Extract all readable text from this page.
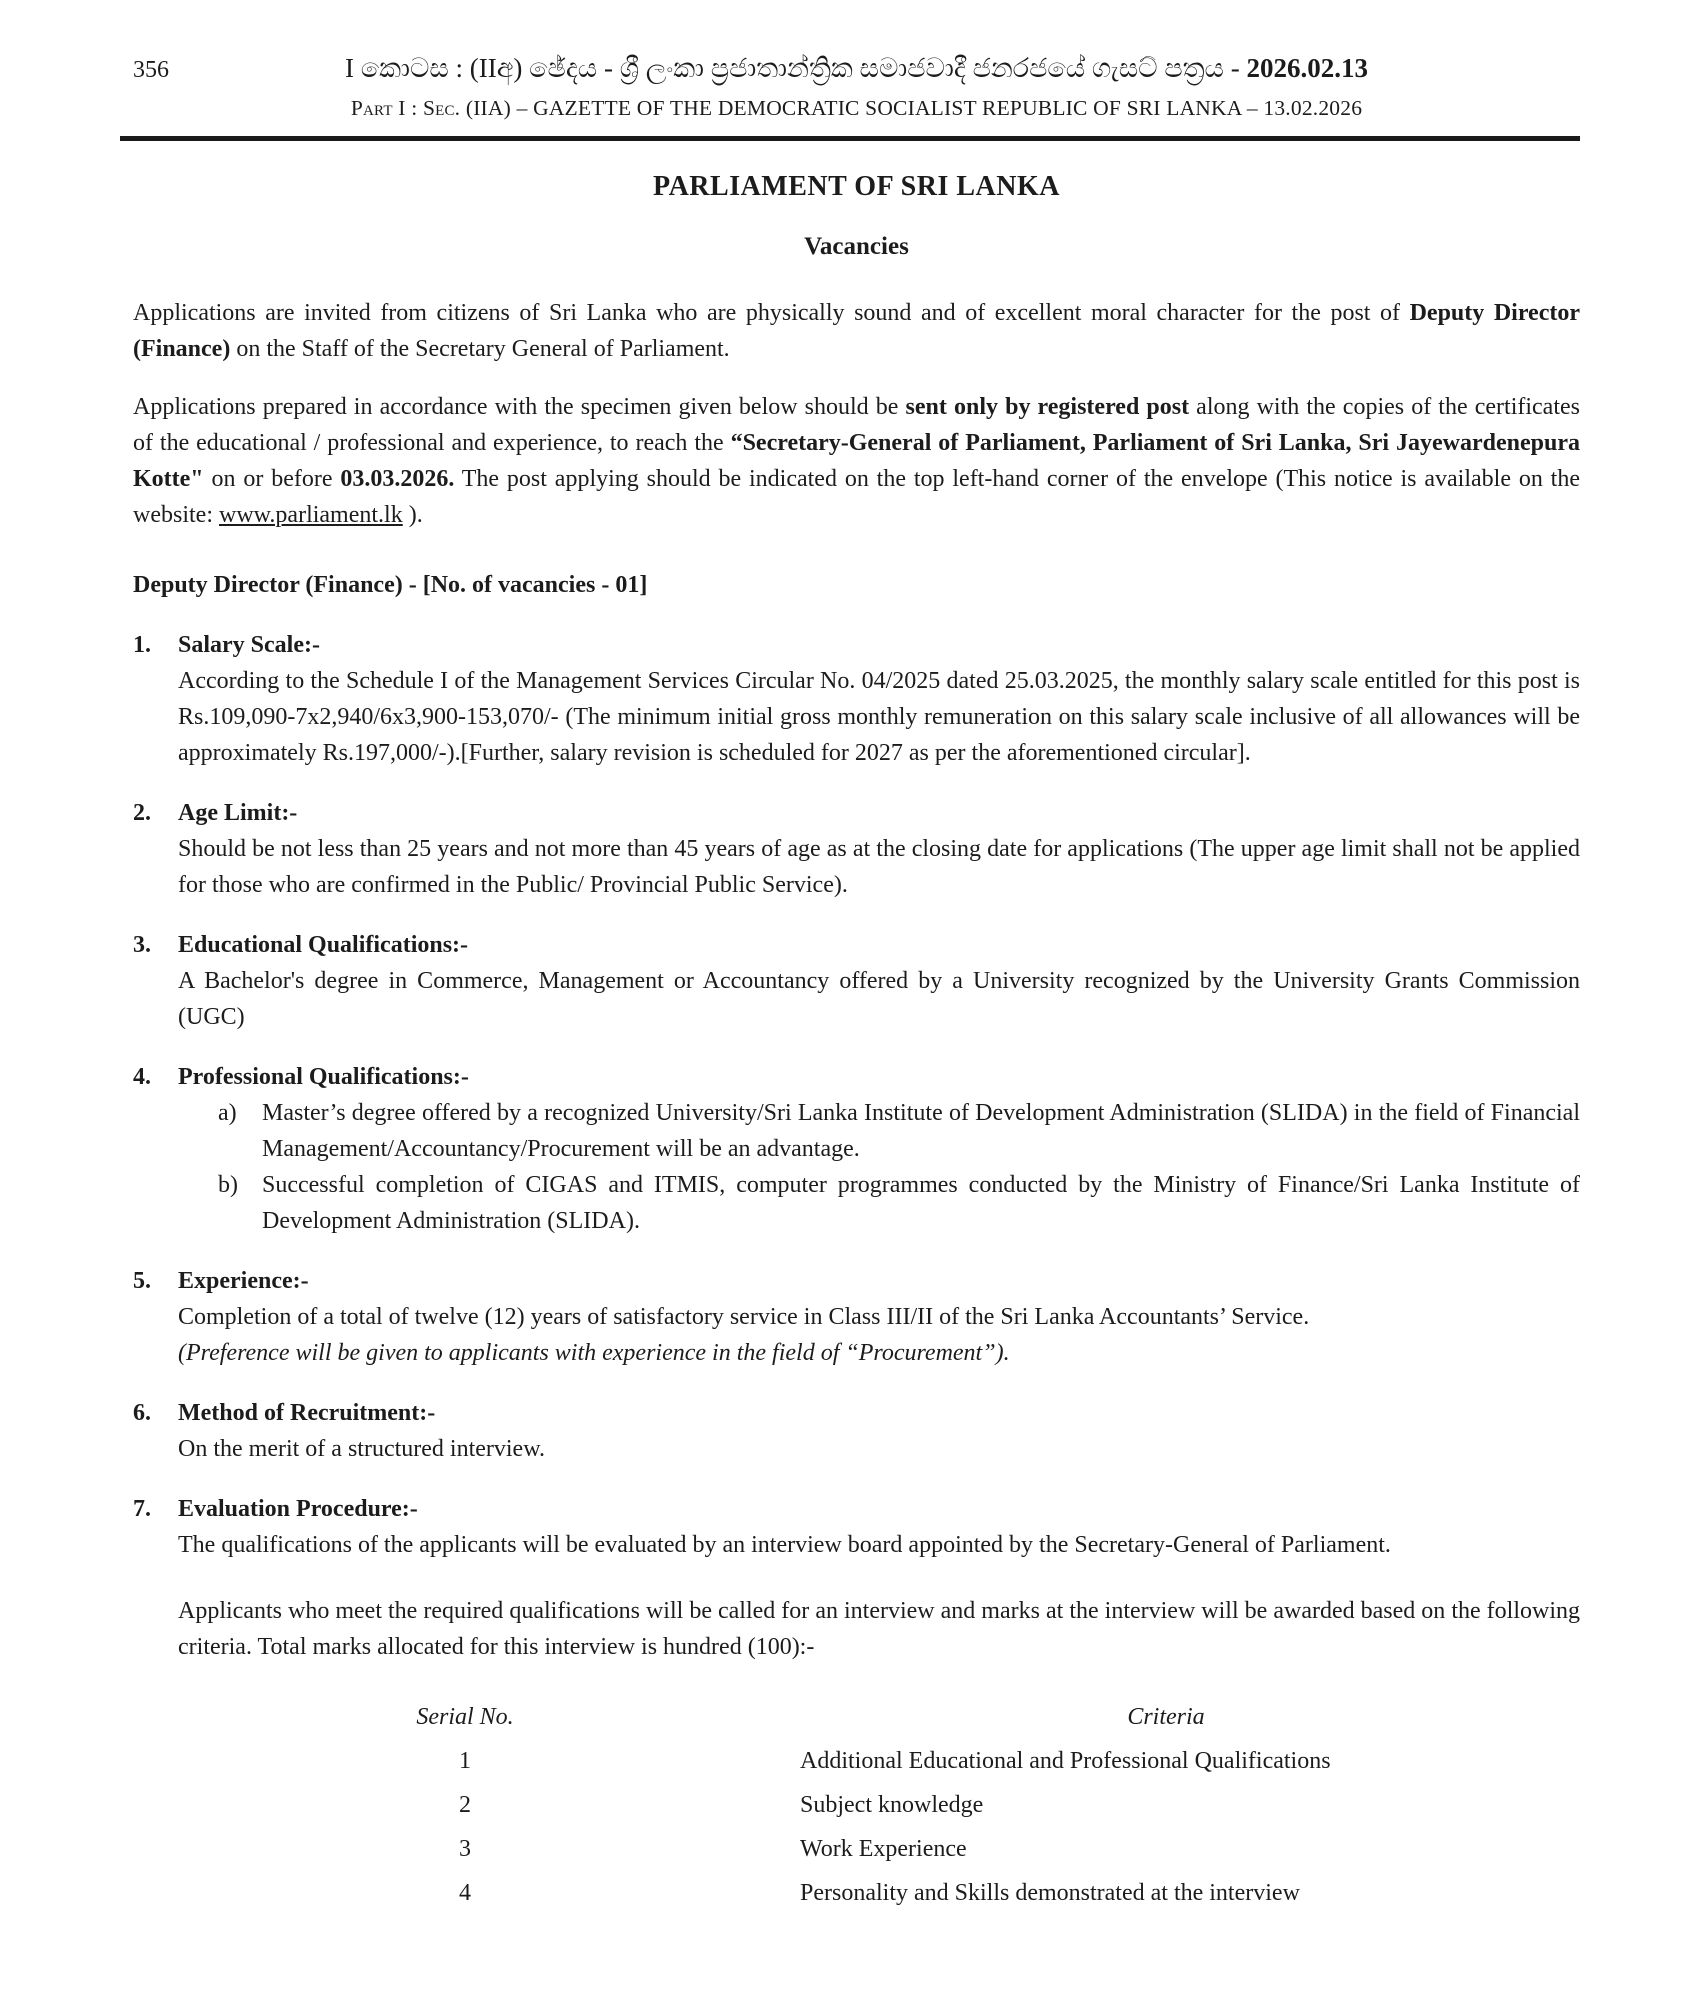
356	I කොටස : (IIඅ) ඡේදය - ශ්‍රී ලංකා ප්‍රජාතාන්ත්‍රික සමාජවාදී ජනරජයේ ගැසට් පත්‍රය - 2026.02.13
Part I : Sec. (IIA) – GAZETTE OF THE DEMOCRATIC SOCIALIST REPUBLIC OF SRI LANKA – 13.02.2026
PARLIAMENT OF SRI LANKA
Vacancies

Applications are invited from citizens of Sri Lanka who are physically sound and of excellent moral character for the post of Deputy Director (Finance) on the Staff of the Secretary General of Parliament.

Applications prepared in accordance with the specimen given below should be sent only by registered post along with the copies of the certificates of the educational / professional and experience, to reach the “Secretary-General of Parliament, Parliament of Sri Lanka, Sri Jayewardenepura Kotte" on or before 03.03.2026. The post applying should be indicated on the top left-hand corner of the envelope (This notice is available on the website: www.parliament.lk ).

Deputy Director (Finance) - [No. of vacancies - 01]
1.	Salary Scale:-

According to the Schedule I of the Management Services Circular No. 04/2025 dated 25.03.2025, the monthly salary scale entitled for this post is Rs.109,090-7x2,940/6x3,900-153,070/- (The minimum initial gross monthly remuneration on this salary scale inclusive of all allowances will be approximately Rs.197,000/-).[Further, salary revision is scheduled for 2027 as per the aforementioned circular].

2.	Age Limit:-

Should be not less than 25 years and not more than 45 years of age as at the closing date for applications (The upper age limit shall not be applied for those who are confirmed in the Public/ Provincial Public Service).

3.	Educational Qualifications:-

A Bachelor's degree in Commerce, Management or Accountancy offered by a University recognized by the University Grants Commission (UGC)

4.	Professional Qualifications:-
a) Master’s degree offered by a recognized University/Sri Lanka Institute of Development Administration (SLIDA) in the field of Financial Management/Accountancy/Procurement will be an advantage.
b) Successful completion of CIGAS and ITMIS, computer programmes conducted by the Ministry of Finance/Sri Lanka Institute of Development Administration (SLIDA).
5.	Experience:-

Completion of a total of twelve (12) years of satisfactory service in Class III/II of the Sri Lanka Accountants’ Service.

(Preference will be given to applicants with experience in the field of “Procurement”).

6.	Method of Recruitment:-

On the merit of a structured interview.

7.	Evaluation Procedure:-

The qualifications of the applicants will be evaluated by an interview board appointed by the Secretary-General of Parliament.

Applicants who meet the required qualifications will be called for an interview and marks at the interview will be awarded based on the following criteria. Total marks allocated for this interview is hundred (100):-

Serial No.	Criteria
1	Additional Educational and Professional Qualifications
2	Subject knowledge
3	Work Experience
4	Personality and Skills demonstrated at the interview
